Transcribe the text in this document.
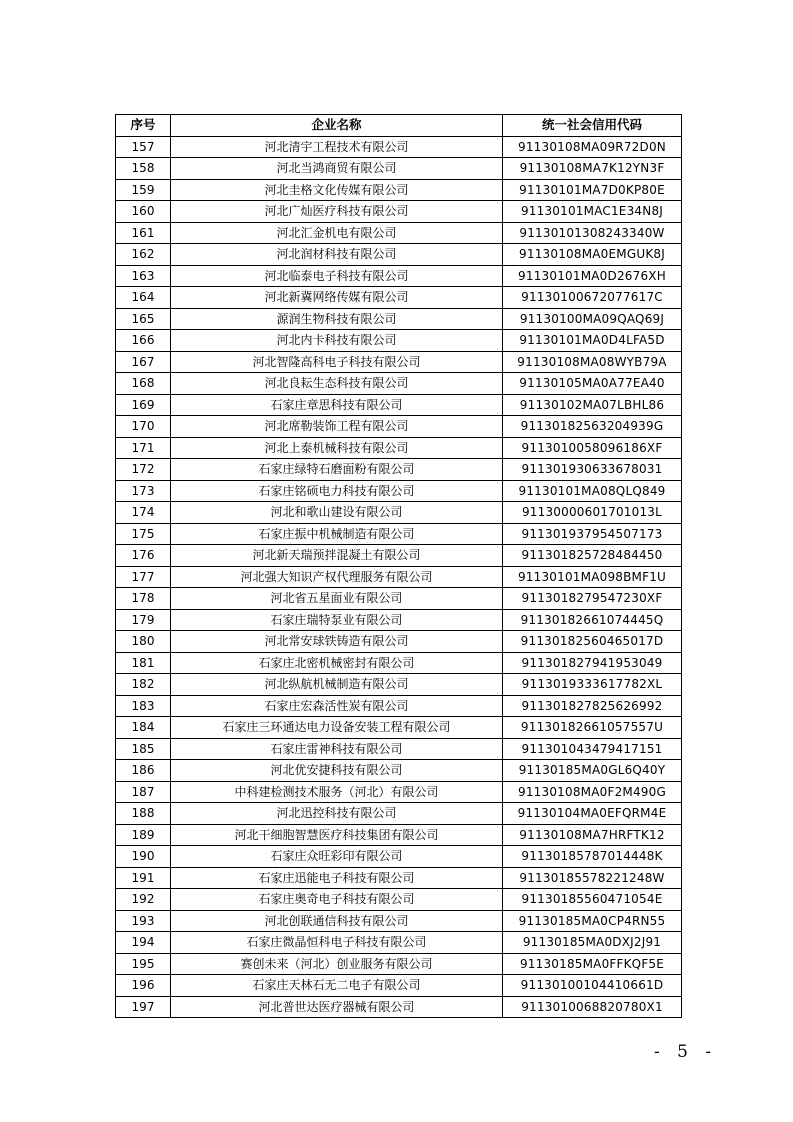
序号	企业名称	统一社会信用代码
157	河北清宇工程技术有限公司	91130108MA09R72D0N
158	河北当鸿商贸有限公司	91130108MA7K12YN3F
159	河北圭格文化传媒有限公司	91130101MA7D0KP80E
160	河北广灿医疗科技有限公司	91130101MAC1E34N8J
161	河北汇金机电有限公司	91130101308243340W
162	河北润材科技有限公司	91130108MA0EMGUK8J
163	河北临泰电子科技有限公司	91130101MA0D2676XH
164	河北新冀网络传媒有限公司	91130100672077617C
165	源润生物科技有限公司	91130100MA09QAQ69J
166	河北内卡科技有限公司	91130101MA0D4LFA5D
167	河北智隆高科电子科技有限公司	91130108MA08WYB79A
168	河北良耘生态科技有限公司	91130105MA0A77EA40
169	石家庄章思科技有限公司	91130102MA07LBHL86
170	河北席勒装饰工程有限公司	91130182563204939G
171	河北上泰机械科技有限公司	91130100580961​86XF
172	石家庄绿特石磨面粉有限公司	911301930633678031
173	石家庄铭硕电力科技有限公司	91130101MA08QLQ849
174	河北和歌山建设有限公司	91130000601701013L
175	石家庄振中机械制造有限公司	911301937954507173
176	河北新天瑞预拌混凝土有限公司	911301825728484450
177	河北强大知识产权代理服务有限公司	91130101MA098BMF1U
178	河北省五星面业有限公司	91130182795472​30XF
179	石家庄瑞特泵业有限公司	91130182661074445Q
180	河北常安球铁铸造有限公司	91130182560465017D
181	石家庄北密机械密封有限公司	911301827941953049
182	河北纵航机械制造有限公司	911301933361​7782XL
183	石家庄宏森活性炭有限公司	911301827825626992
184	石家庄三环通达电力设备安装工程有限公司	91130182661057557U
185	石家庄雷神科技有限公司	911301043479417151
186	河北优安捷科技有限公司	91130185MA0GL6Q40Y
187	中科建检测技术服务（河北）有限公司	91130108MA0F2M490G
188	河北迅控科技有限公司	91130104MA0EFQRM4E
189	河北干细胞智慧医疗科技集团有限公司	91130108MA7HRFTK12
190	石家庄众旺彩印有限公司	91130185787014448K
191	石家庄迅能电子科技有限公司	91130185578221248W
192	石家庄奥奇电子科技有限公司	91130185560471054E
193	河北创联通信科技有限公司	91130185MA0CP4RN55
194	石家庄微晶恒科电子科技有限公司	91130185MA0DXJ2J91
195	赛创未来（河北）创业服务有限公司	91130185MA0FFKQF5E
196	石家庄天林石无二电子有限公司	91130100104410661D
197	河北普世达医疗器械有限公司	91130100688207​80X1
- 5 -
